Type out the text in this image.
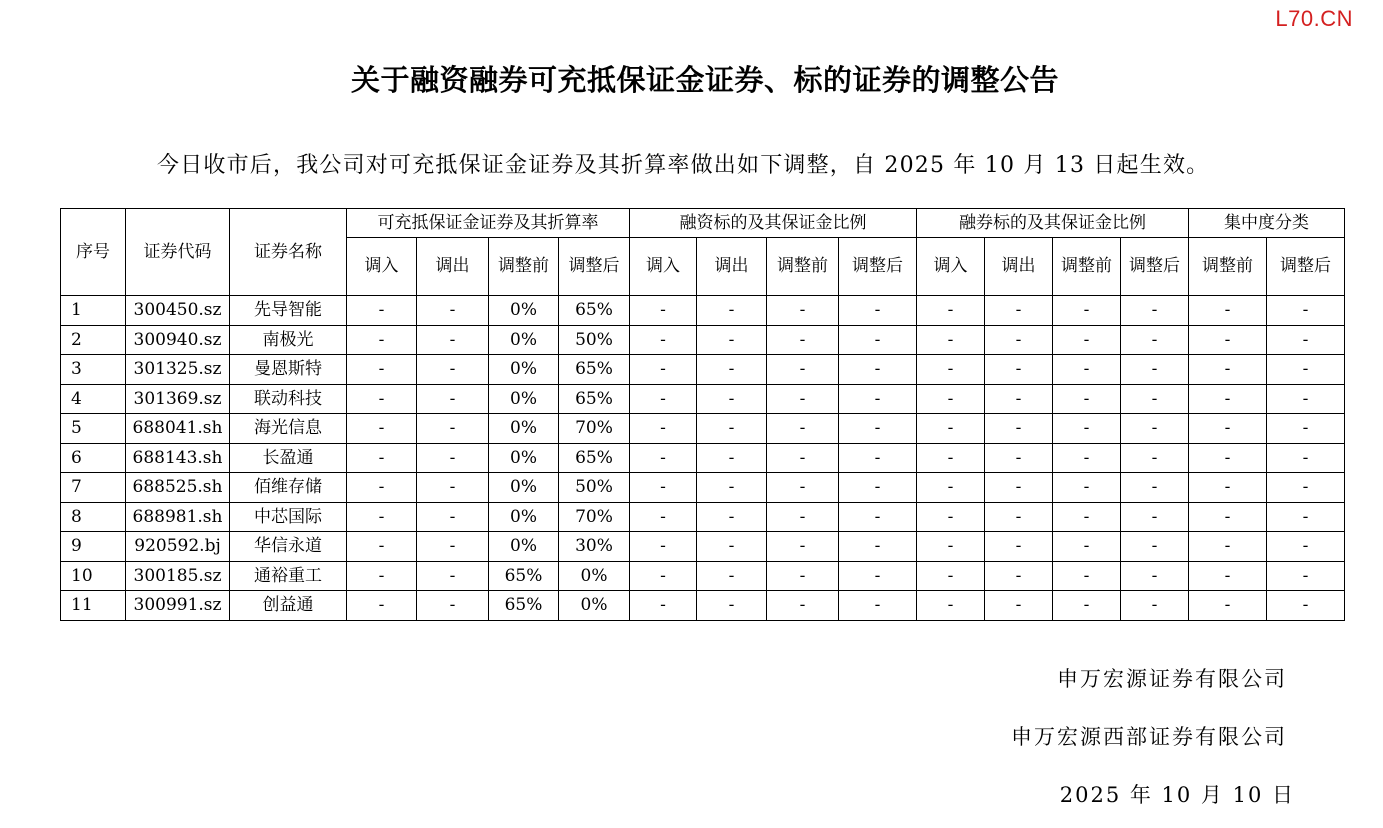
L70.CN
关于融资融券可充抵保证金证券、标的证券的调整公告
今日收市后，我公司对可充抵保证金证券及其折算率做出如下调整，自 2025 年 10 月 13 日起生效。
序号	证券代码	证券名称	可充抵保证金证券及其折算率				融资标的及其保证金比例				融券标的及其保证金比例				集中度分类	
			调入	调出	调整前	调整后	调入	调出	调整前	调整后	调入	调出	调整前	调整后	调整前	调整后
1	300450.sz	先导智能	-	-	0%	65%	-	-	-	-	-	-	-	-	-	-
2	300940.sz	南极光	-	-	0%	50%	-	-	-	-	-	-	-	-	-	-
3	301325.sz	曼恩斯特	-	-	0%	65%	-	-	-	-	-	-	-	-	-	-
4	301369.sz	联动科技	-	-	0%	65%	-	-	-	-	-	-	-	-	-	-
5	688041.sh	海光信息	-	-	0%	70%	-	-	-	-	-	-	-	-	-	-
6	688143.sh	长盈通	-	-	0%	65%	-	-	-	-	-	-	-	-	-	-
7	688525.sh	佰维存储	-	-	0%	50%	-	-	-	-	-	-	-	-	-	-
8	688981.sh	中芯国际	-	-	0%	70%	-	-	-	-	-	-	-	-	-	-
9	920592.bj	华信永道	-	-	0%	30%	-	-	-	-	-	-	-	-	-	-
10	300185.sz	通裕重工	-	-	65%	0%	-	-	-	-	-	-	-	-	-	-
11	300991.sz	创益通	-	-	65%	0%	-	-	-	-	-	-	-	-	-	-
申万宏源证券有限公司
申万宏源西部证券有限公司
2025 年 10 月 10 日
